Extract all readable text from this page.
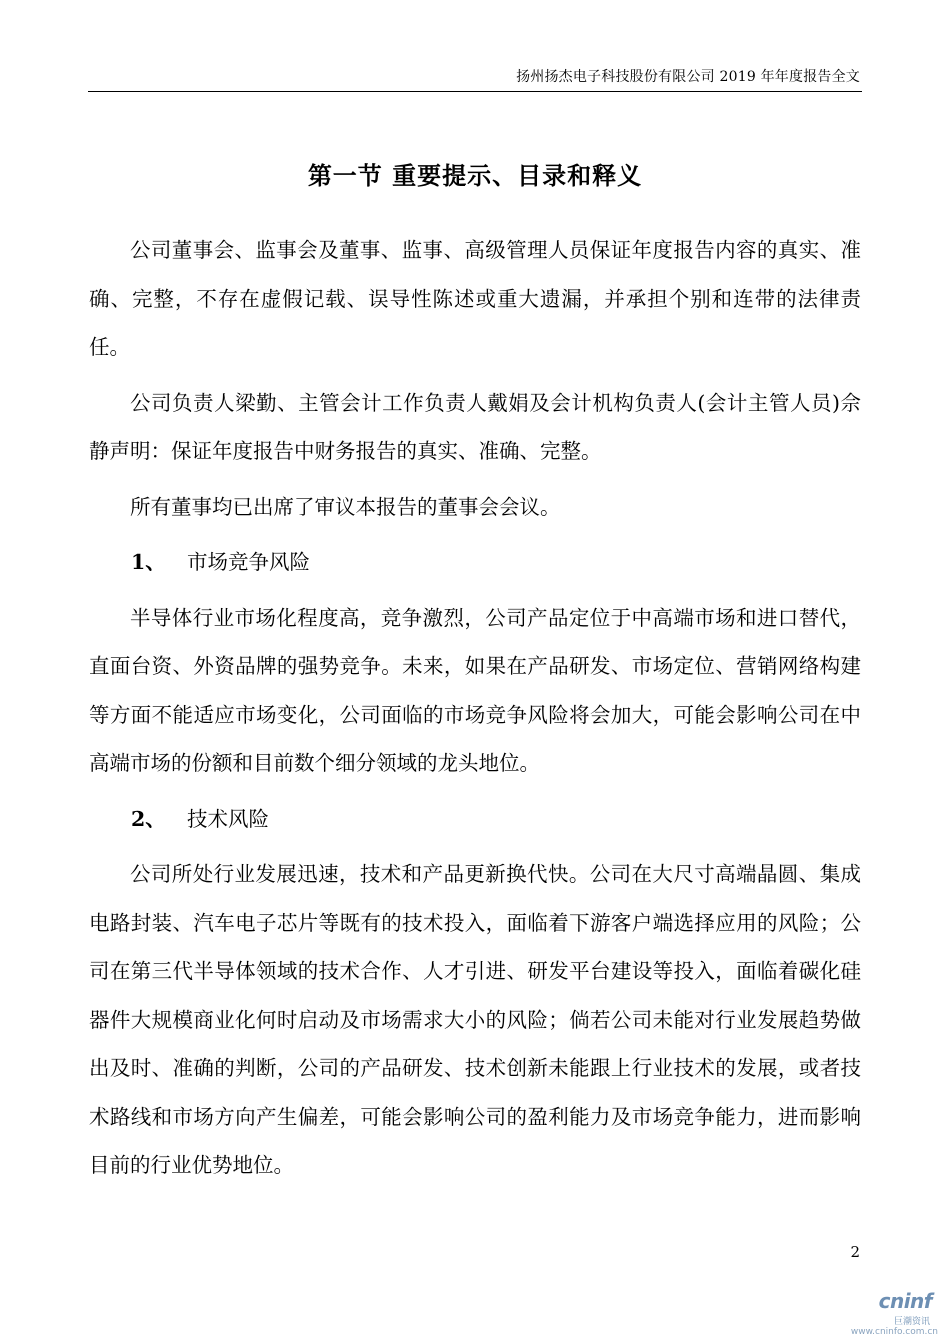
扬州扬杰电子科技股份有限公司 2019 年年度报告全文
第一节 重要提示、目录和释义

公司董事会、监事会及董事、监事、高级管理人员保证年度报告内容的真实、准确、完整，不存在虚假记载、误导性陈述或重大遗漏，并承担个别和连带的法律责任。

公司负责人梁勤、主管会计工作负责人戴娟及会计机构负责人(会计主管人员)佘静声明：保证年度报告中财务报告的真实、准确、完整。

所有董事均已出席了审议本报告的董事会会议。

1、 市场竞争风险

半导体行业市场化程度高，竞争激烈，公司产品定位于中高端市场和进口替代，直面台资、外资品牌的强势竞争。未来，如果在产品研发、市场定位、营销网络构建等方面不能适应市场变化，公司面临的市场竞争风险将会加大，可能会影响公司在中高端市场的份额和目前数个细分领域的龙头地位。

2、 技术风险

公司所处行业发展迅速，技术和产品更新换代快。公司在大尺寸高端晶圆、集成电路封装、汽车电子芯片等既有的技术投入，面临着下游客户端选择应用的风险；公司在第三代半导体领域的技术合作、人才引进、研发平台建设等投入，面临着碳化硅器件大规模商业化何时启动及市场需求大小的风险；倘若公司未能对行业发展趋势做出及时、准确的判断，公司的产品研发、技术创新未能跟上行业技术的发展，或者技术路线和市场方向产生偏差，可能会影响公司的盈利能力及市场竞争能力，进而影响目前的行业优势地位。

2
cninf
巨潮资讯
www.cninfo.com.cn
